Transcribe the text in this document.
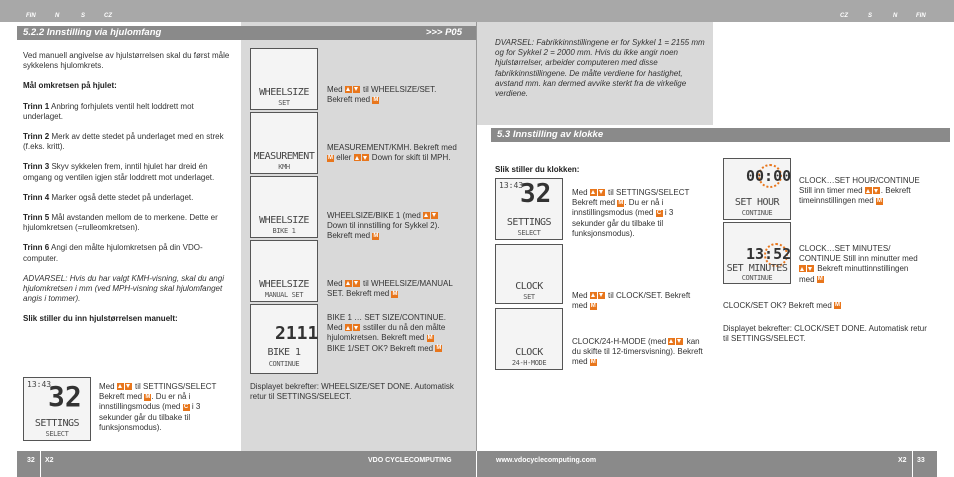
FIN	N	S	CZ	CZ	S	N	FIN
5.2.2 Innstilling via hjulomfang	>>> P05
Ved manuell angivelse av hjulstørrelsen skal du først måle sykkelens hjulomkrets.
Mål omkretsen på hjulet:
Trinn 1 Anbring forhjulets ventil helt loddrett mot underlaget.
Trinn 2 Merk av dette stedet på underlaget med en strek (f.eks. kritt).
Trinn 3 Skyv sykkelen frem, inntil hjulet har dreid én omgang og ventilen igjen står loddrett mot underlaget.
Trinn 4 Marker også dette stedet på underlaget.
Trinn 5 Mål avstanden mellom de to merkene. Dette er hjulomkretsen (=rulleomkretsen).
Trinn 6 Angi den målte hjulomkretsen på din VDO-computer.
ADVARSEL: Hvis du har valgt KMH-visning, skal du angi hjulomkretsen i mm (ved MPH-visning skal hjulomfanget angis i tommer).
Slik stiller du inn hjulstørrelsen manuelt:
13:43
32
SETTINGS
SELECT
Med  til SETTINGS/SELECT Bekreft med M. Du er nå i innstillingsmodus (med C i 3 sekunder går du tilbake til funksjonsmodus).
WHEELSIZE
SET
MEASUREMENT
KMH
WHEELSIZE
BIKE 1
WHEELSIZE
MANUAL SET
2111
BIKE 1
CONTINUE
Med  til WHEELSIZE/SET. Bekreft med M
MEASUREMENT/KMH. Bekreft med M eller  Down for skift til MPH.
WHEELSIZE/BIKE 1 (med  Down til innstilling for Sykkel 2). Bekreft med M
Med  til WHEELSIZE/MANUAL SET. Bekreft med M
BIKE 1 … SET SIZE/CONTINUE. Med  sstiller du nå den målte hjulomkretsen. Bekreft med M
BIKE 1/SET OK? Bekreft med M
Displayet bekrefter: WHEELSIZE/SET DONE. Automatisk retur til SETTINGS/SELECT.
DVARSEL: Fabrikkinnstillingene er for Sykkel 1 = 2155 mm og for Sykkel 2 = 2000 mm. Hvis du ikke angir noen hjulstørrelser, arbeider computeren med disse fabrikkinnstillingene. De målte verdiene for hastighet, avstand mm. kan dermed avvike sterkt fra de virkelige verdiene.
5.3 Innstilling av klokke
Slik stiller du klokken:
13:43
32
SETTINGS
SELECT
CLOCK
SET
CLOCK
24-H-MODE
Med  til SETTINGS/SELECT Bekreft med M. Du er nå i innstillingsmodus (med C i 3 sekunder går du tilbake til funksjonsmodus).
Med  til CLOCK/SET. Bekreft med M
CLOCK/24-H-MODE (med  kan du skifte til 12-timersvisning). Bekreft med M
00:00
SET HOUR
CONTINUE
13:52
SET MINUTES
CONTINUE
CLOCK…SET HOUR/CONTINUE Still inn timer med . Bekreft timeinnstillingen med M
CLOCK…SET MINUTES/ CONTINUE Still inn minutter med  Bekreft minuttinnstillingen med M
CLOCK/SET OK? Bekreft med M
Displayet bekrefter: CLOCK/SET DONE. Automatisk retur til SETTINGS/SELECT.
32 X2	VDO CYCLECOMPUTING	www.vdocyclecomputing.com	X2 33
